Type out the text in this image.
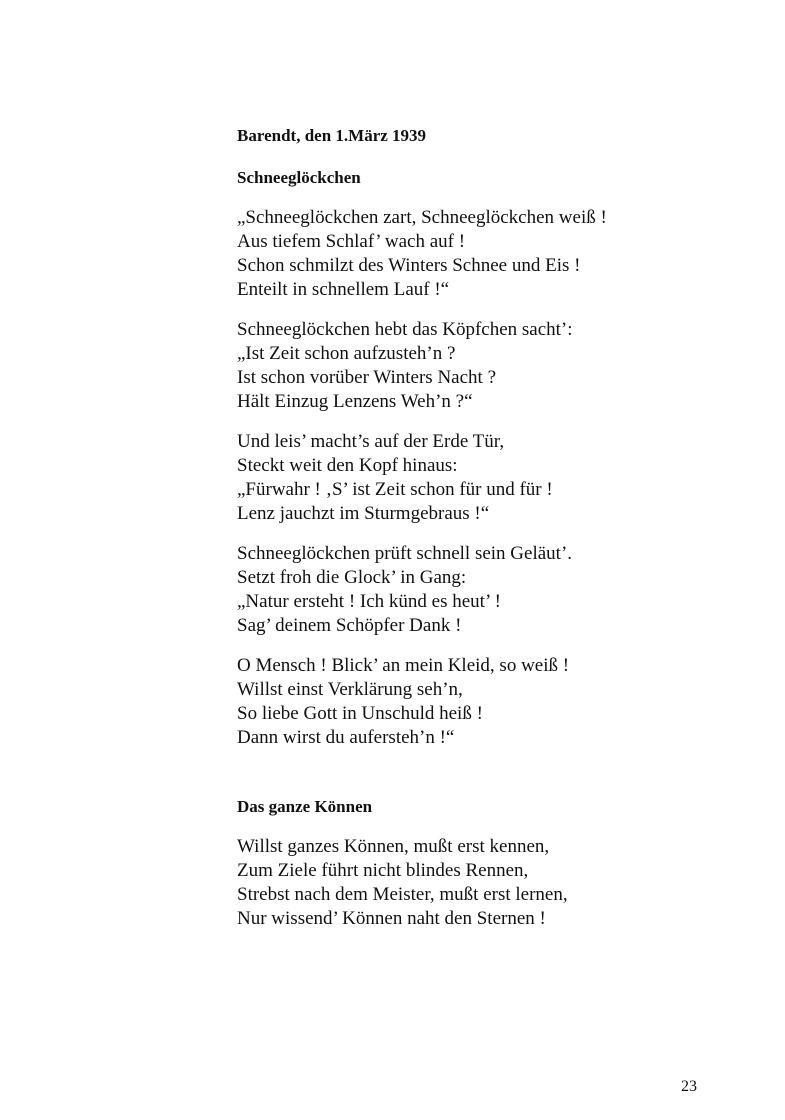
Barendt, den 1.März 1939
Schneeglöckchen
„Schneeglöckchen zart, Schneeglöckchen weiß !
Aus tiefem Schlaf’ wach auf !
Schon schmilzt des Winters Schnee und Eis !
Enteilt in schnellem Lauf !“
Schneeglöckchen hebt das Köpfchen sacht’:
„Ist Zeit schon aufzusteh’n ?
Ist schon vorüber Winters Nacht ?
Hält Einzug Lenzens Weh’n ?“
Und leis’ macht’s auf der Erde Tür,
Steckt weit den Kopf hinaus:
„Fürwahr ! ‚S’ ist Zeit schon für und für !
Lenz jauchzt im Sturmgebraus !“
Schneeglöckchen prüft schnell sein Geläut’.
Setzt froh die Glock’ in Gang:
„Natur ersteht ! Ich künd es heut’ !
Sag’ deinem Schöpfer Dank !
O Mensch ! Blick’ an mein Kleid, so weiß !
Willst einst Verklärung seh’n,
So liebe Gott in Unschuld heiß !
Dann wirst du aufersteh’n !“
Das ganze Können
Willst ganzes Können, mußt erst kennen,
Zum Ziele führt nicht blindes Rennen,
Strebst nach dem Meister, mußt erst lernen,
Nur wissend’ Können naht den Sternen !
23
